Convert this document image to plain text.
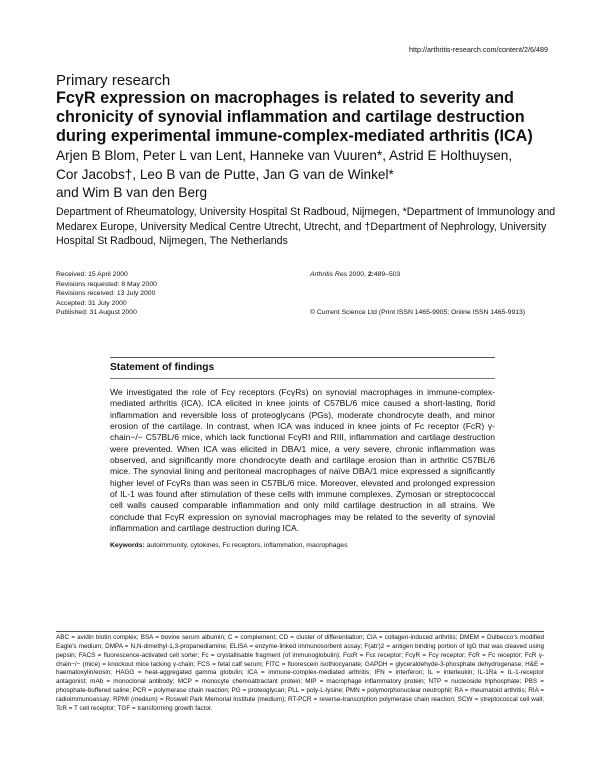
http://arthritis-research.com/content/2/6/489
Primary research
FcγR expression on macrophages is related to severity and chronicity of synovial inflammation and cartilage destruction during experimental immune-complex-mediated arthritis (ICA)
Arjen B Blom, Peter L van Lent, Hanneke van Vuuren*, Astrid E Holthuysen,
Cor Jacobs†, Leo B van de Putte, Jan G van de Winkel*
and Wim B van den Berg
Department of Rheumatology, University Hospital St Radboud, Nijmegen, *Department of Immunology and Medarex Europe, University Medical Centre Utrecht, Utrecht, and †Department of Nephrology, University Hospital St Radboud, Nijmegen, The Netherlands
Received: 15 April 2000
Revisions requested: 8 May 2000
Revisions received: 13 July 2000
Accepted: 31 July 2000
Published: 31 August 2000
Arthritis Res 2000, 2:489–503
© Current Science Ltd (Print ISSN 1465-9905; Online ISSN 1465-9913)
Statement of findings

We investigated the role of Fcγ receptors (FcγRs) on synovial macrophages in immune-complex-mediated arthritis (ICA). ICA elicited in knee joints of C57BL/6 mice caused a short-lasting, florid inflammation and reversible loss of proteoglycans (PGs), moderate chondrocyte death, and minor erosion of the cartilage. In contrast, when ICA was induced in knee joints of Fc receptor (FcR) γ-chain−/− C57BL/6 mice, which lack functional FcγRI and RIII, inflammation and cartilage destruction were prevented. When ICA was elicited in DBA/1 mice, a very severe, chronic inflammation was observed, and significantly more chondrocyte death and cartilage erosion than in arthritic C57BL/6 mice. The synovial lining and peritoneal macrophages of naïve DBA/1 mice expressed a significantly higher level of FcγRs than was seen in C57BL/6 mice. Moreover, elevated and prolonged expression of IL-1 was found after stimulation of these cells with immune complexes. Zymosan or streptococcal cell walls caused comparable inflammation and only mild cartilage destruction in all strains. We conclude that FcγR expression on synovial macrophages may be related to the severity of synovial inflammation and cartilage destruction during ICA.

Keywords: autoimmunity, cytokines, Fc receptors, inflammation, macrophages
ABC = avidin biotin complex; BSA = bovine serum albumin; C = complement; CD = cluster of differentiation; CIA = collagen-induced arthritis; DMEM = Dulbecco's modified Eagle's medium; DMPA = N,N-dimethyl-1,3-propanediamine; ELISA = enzyme-linked immunosorbent assay; F(ab')2 = antigen binding portion of IgG that was cleaved using pepsin; FACS = fluorescence-activated cell sorter; Fc = crystallisable fragment (of immunoglobulin); FcεR = Fcε receptor; FcγR = Fcγ receptor; FcR = Fc receptor; FcR γ-chain−/− (mice) = knockout mice lacking γ-chain; FCS = fetal calf serum; FITC = fluorescein isothiocyanate; GAPDH = glyceraldehyde-3-phosphate dehydrogenase; H&E = haematoxylin/eosin; HAGG = heat-aggregated gamma globulin; ICA = immune-complex-mediated arthritis; IFN = interferon; IL = interleukin; IL-1Ra = IL-1-receptor antagonist; mAb = monoclonal antibody; MCP = monocyte chemoattractant protein; MIP = macrophage inflammatory protein; NTP = nucleoside triphosphate; PBS = phosphate-buffered saline; PCR = polymerase chain reaction; PG = proteoglycan; PLL = poly-L-lysine; PMN = polymorphonuclear neutrophil; RA = rheumatoid arthritis; RIA = radioimmunoassay; RPMI (medium) = Roswell Park Memorial Institute (medium); RT-PCR = reverse-transcription polymerase chain reaction; SCW = streptococcal cell wall; TcR = T cell receptor; TGF = transforming growth factor.
